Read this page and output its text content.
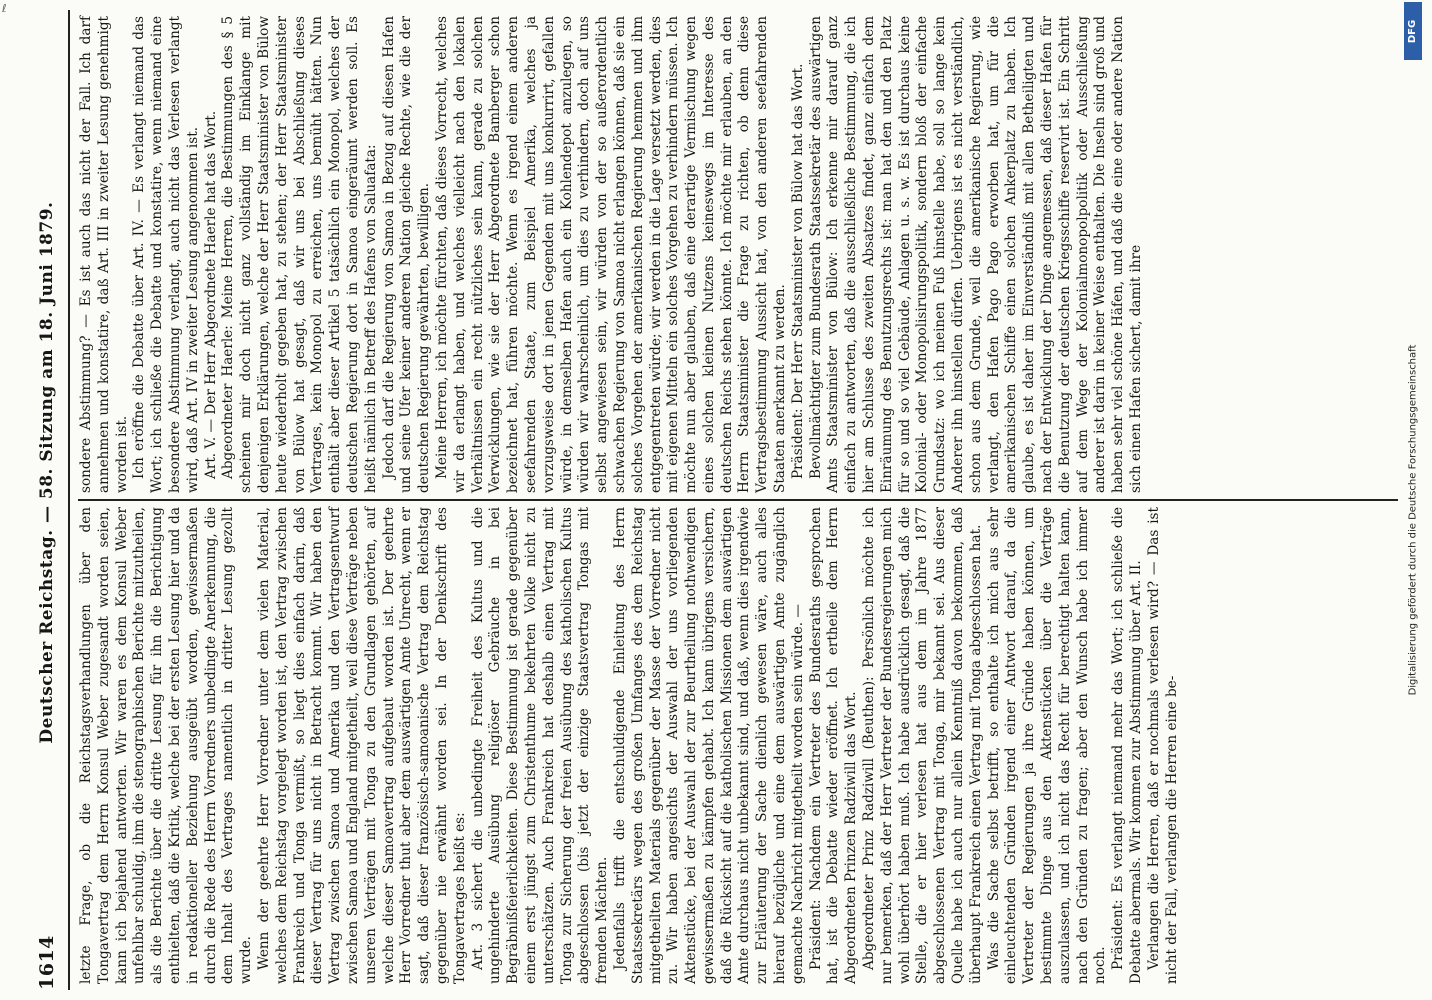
ℓ
1614
Deutscher Reichstag. — 58. Sitzung am 18. Juni 1879.

letzte Frage, ob die Reichstagsverhandlungen über den Tongavertrag dem Herrn Konsul Weber zugesandt worden seien, kann ich bejahend antworten. Wir waren es dem Konsul Weber unfehlbar schuldig, ihm die stenographischen Berichte mitzutheilen, als die Berichte über die dritte Lesung für ihn die Berichtigung enthielten, daß die Kritik, welche bei der ersten Lesung hier und da in redaktioneller Beziehung ausgeübt worden, gewissermaßen durch die Rede des Herrn Vorredners unbedingte Anerkennung, die dem Inhalt des Vertrages namentlich in dritter Lesung gezollt wurde. Wenn der geehrte Herr Vorredner unter dem vielen Material, welches dem Reichstag vorgelegt worden ist, den Vertrag zwischen Frankreich und Tonga vermißt, so liegt dies einfach darin, daß dieser Vertrag für uns nicht in Betracht kommt. Wir haben den Vertrag zwischen Samoa und Amerika und den Vertragsentwurf zwischen Samoa und England mitgetheilt, weil diese Verträge neben unseren Verträgen mit Tonga zu den Grundlagen gehörten, auf welche dieser Samoavertrag aufgebaut worden ist. Der geehrte Herr Vorredner thut aber dem auswärtigen Amte Unrecht, wenn er sagt, daß dieser französisch-samoanische Vertrag dem Reichstag gegenüber nie erwähnt worden sei. In der Denkschrift des Tongavertrages heißt es: Art. 3 sichert die unbedingte Freiheit des Kultus und die ungehinderte Ausübung religiöser Gebräuche in bei Begräbnißfeierlichkeiten. Diese Bestimmung ist gerade gegenüber einem erst jüngst zum Christenthume bekehrten Volke nicht zu unterschätzen. Auch Frankreich hat deshalb einen Vertrag mit Tonga zur Sicherung der freien Ausübung des katholischen Kultus abgeschlossen (bis jetzt der einzige Staatsvertrag Tongas mit fremden Mächten. Jedenfalls trifft die entschuldigende Einleitung des Herrn Staatssekretärs wegen des großen Umfanges des dem Reichstag mitgetheilten Materials gegenüber der Masse der Vorredner nicht zu. Wir haben angesichts der Auswahl der uns vorliegenden Aktenstücke, bei der Auswahl der zur Beurtheilung nothwendigen gewissermaßen zu kämpfen gehabt. Ich kann übrigens versichern, daß die Rücksicht auf die katholischen Missionen dem auswärtigen Amte durchaus nicht unbekannt sind, und daß, wenn dies irgendwie zur Erläuterung der Sache dienlich gewesen wäre, auch alles hierauf bezügliche und eine dem auswärtigen Amte zugänglich gemachte Nachricht mitgetheilt worden sein würde. — Präsident: Nachdem ein Vertreter des Bundesraths gesprochen hat, ist die Debatte wieder eröffnet. Ich ertheile dem Herrn Abgeordneten Prinzen Radziwill das Wort. Abgeordneter Prinz Radziwill (Beuthen): Persönlich möchte ich nur bemerken, daß der Herr Vertreter der Bundesregierungen mich wohl überhört haben muß. Ich habe ausdrücklich gesagt, daß die Stelle, die er hier verlesen hat aus dem im Jahre 1877 abgeschlossenen Vertrag mit Tonga, mir bekannt sei. Aus dieser Quelle habe ich auch nur allein Kenntniß davon bekommen, daß überhaupt Frankreich einen Vertrag mit Tonga abgeschlossen hat. Was die Sache selbst betrifft, so enthalte ich mich aus sehr einleuchtenden Gründen irgend einer Antwort darauf, da die Vertreter der Regierungen ja ihre Gründe haben können, um bestimmte Dinge aus den Aktenstücken über die Verträge auszulassen, und ich nicht das Recht für berechtigt halten kann, nach den Gründen zu fragen; aber den Wunsch habe ich immer noch. Präsident: Es verlangt niemand mehr das Wort; ich schließe die Debatte abermals. Wir kommen zur Abstimmung über Art. II. Verlangen die Herren, daß er nochmals verlesen wird? — Das ist nicht der Fall, verlangen die Herren eine be-

sondere Abstimmung? — Es ist auch das nicht der Fall. Ich darf annehmen und konstatire, daß Art. III in zweiter Lesung genehmigt worden ist. Ich eröffne die Debatte über Art. IV. — Es verlangt niemand das Wort; ich schließe die Debatte und konstatire, wenn niemand eine besondere Abstimmung verlangt, auch nicht das Verlesen verlangt wird, daß Art. IV in zweiter Lesung angenommen ist. Art. V. — Der Herr Abgeordnete Haerle hat das Wort. Abgeordneter Haerle: Meine Herren, die Bestimmungen des § 5 scheinen mir doch nicht ganz vollständig im Einklange mit denjenigen Erklärungen, welche der Herr Staatsminister von Bülow heute wiederholt gegeben hat, zu stehen; der Herr Staatsminister von Bülow hat gesagt, daß wir uns bei Abschließung dieses Vertrages, kein Monopol zu erreichen, uns bemüht hätten. Nun enthält aber dieser Artikel 5 tatsächlich ein Monopol, welches der deutschen Regierung dort in Samoa eingeräumt werden soll. Es heißt nämlich in Betreff des Hafens von Saluafata: Jedoch darf die Regierung von Samoa in Bezug auf diesen Hafen und seine Ufer keiner anderen Nation gleiche Rechte, wie die der deutschen Regierung gewährten, bewilligen. Meine Herren, ich möchte fürchten, daß dieses Vorrecht, welches wir da erlangt haben, und welches vielleicht nach den lokalen Verhältnissen ein recht nützliches sein kann, gerade zu solchen Verwicklungen, wie sie der Herr Abgeordnete Bamberger schon bezeichnet hat, führen möchte. Wenn es irgend einem anderen seefahrenden Staate, zum Beispiel Amerika, welches ja vorzugsweise dort in jenen Gegenden mit uns konkurrirt, gefallen würde, in demselben Hafen auch ein Kohlendepot anzulegen, so würden wir wahrscheinlich, um dies zu verhindern, doch auf uns selbst angewiesen sein, wir würden von der so außerordentlich schwachen Regierung von Samoa nicht erlangen können, daß sie ein solches Vorgehen der amerikanischen Regierung hemmen und ihm entgegentreten würde; wir werden in die Lage versetzt werden, dies mit eigenen Mitteln ein solches Vorgehen zu verhindern müssen. Ich möchte nun aber glauben, daß eine derartige Vermischung wegen eines solchen kleinen Nutzens keineswegs im Interesse des deutschen Reichs stehen könnte. Ich möchte mir erlauben, an den Herrn Staatsminister die Frage zu richten, ob denn diese Vertragsbestimmung Aussicht hat, von den anderen seefahrenden Staaten anerkannt zu werden. Präsident: Der Herr Staatsminister von Bülow hat das Wort. Bevollmächtigter zum Bundesrath Staatssekretär des auswärtigen Amts Staatsminister von Bülow: Ich erkenne mir darauf ganz einfach zu antworten, daß die ausschließliche Bestimmung, die ich hier am Schlusse des zweiten Absatzes findet, ganz einfach dem Einräumung des Benutzungsrechts ist: man hat den und den Platz für so und so viel Gebäude, Anlagen u. s. w. Es ist durchaus keine Kolonial- oder Monopolisirungspolitik, sondern bloß der einfache Grundsatz: wo ich meinen Fuß hinstelle habe, soll so lange kein Anderer ihn hinstellen dürfen. Uebrigens ist es nicht verständlich, schon aus dem Grunde, weil die amerikanische Regierung, wie verlangt, den Hafen Pago Pago erworben hat, um für die amerikanischen Schiffe einen solchen Ankerplatz zu haben. Ich glaube, es ist daher im Einverständniß mit allen Betheiligten und nach der Entwicklung der Dinge angemessen, daß dieser Hafen für die Benutzung der deutschen Kriegsschiffe reservirt ist. Ein Schritt auf dem Wege der Kolonialmonopolpolitik oder Ausschließung anderer ist darin in keiner Weise enthalten. Die Inseln sind groß und haben sehr viel schöne Häfen, und daß die eine oder andere Nation sich einen Hafen sichert, damit ihre

DFG
Digitalisierung gefördert durch die Deutsche Forschungsgemeinschaft
